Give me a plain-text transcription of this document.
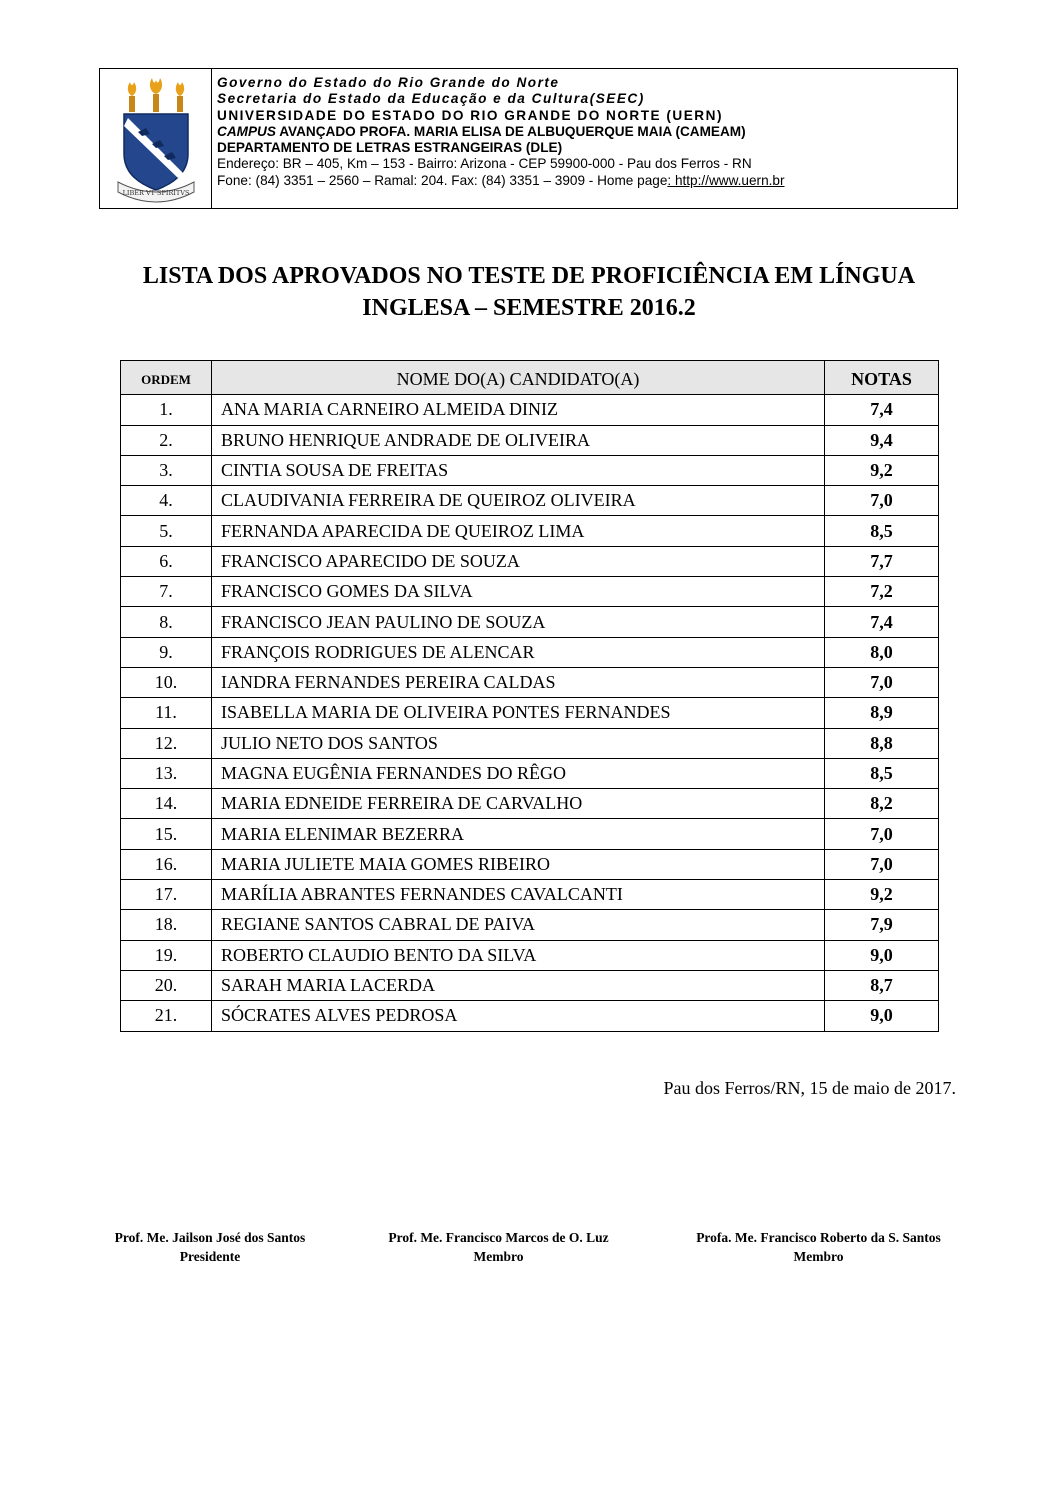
LIBER VT SPIRITVS
Governo do Estado do Rio Grande do Norte
Secretaria do Estado da Educação e da Cultura(SEEC)
UNIVERSIDADE DO ESTADO DO RIO GRANDE DO NORTE (UERN)
CAMPUS AVANÇADO PROFA. MARIA ELISA DE ALBUQUERQUE MAIA (CAMEAM)
DEPARTAMENTO DE LETRAS ESTRANGEIRAS (DLE)
Endereço: BR – 405, Km – 153 - Bairro: Arizona - CEP 59900-000 - Pau dos Ferros - RN
Fone: (84) 3351 – 2560 – Ramal: 204. Fax: (84) 3351 – 3909 - Home page: http://www.uern.br
LISTA DOS APROVADOS NO TESTE DE PROFICIÊNCIA EM LÍNGUA
INGLESA – SEMESTRE 2016.2
ORDEM	NOME DO(A) CANDIDATO(A)	NOTAS
1.	ANA MARIA CARNEIRO ALMEIDA DINIZ	7,4
2.	BRUNO HENRIQUE ANDRADE DE OLIVEIRA	9,4
3.	CINTIA SOUSA DE FREITAS	9,2
4.	CLAUDIVANIA FERREIRA DE QUEIROZ OLIVEIRA	7,0
5.	FERNANDA APARECIDA DE QUEIROZ LIMA	8,5
6.	FRANCISCO APARECIDO DE SOUZA	7,7
7.	FRANCISCO GOMES DA SILVA	7,2
8.	FRANCISCO JEAN PAULINO DE SOUZA	7,4
9.	FRANÇOIS RODRIGUES DE ALENCAR	8,0
10.	IANDRA FERNANDES PEREIRA CALDAS	7,0
11.	ISABELLA MARIA DE OLIVEIRA PONTES FERNANDES	8,9
12.	JULIO NETO DOS SANTOS	8,8
13.	MAGNA EUGÊNIA FERNANDES DO RÊGO	8,5
14.	MARIA EDNEIDE FERREIRA DE CARVALHO	8,2
15.	MARIA ELENIMAR BEZERRA	7,0
16.	MARIA JULIETE MAIA GOMES RIBEIRO	7,0
17.	MARÍLIA ABRANTES FERNANDES CAVALCANTI	9,2
18.	REGIANE SANTOS CABRAL DE PAIVA	7,9
19.	ROBERTO CLAUDIO BENTO DA SILVA	9,0
20.	SARAH MARIA LACERDA	8,7
21.	SÓCRATES ALVES PEDROSA	9,0
Pau dos Ferros/RN, 15 de maio de 2017.
Prof. Me. Jailson José dos Santos
Presidente
Prof. Me. Francisco Marcos de O. Luz
Membro
Profa. Me. Francisco Roberto da S. Santos
Membro
